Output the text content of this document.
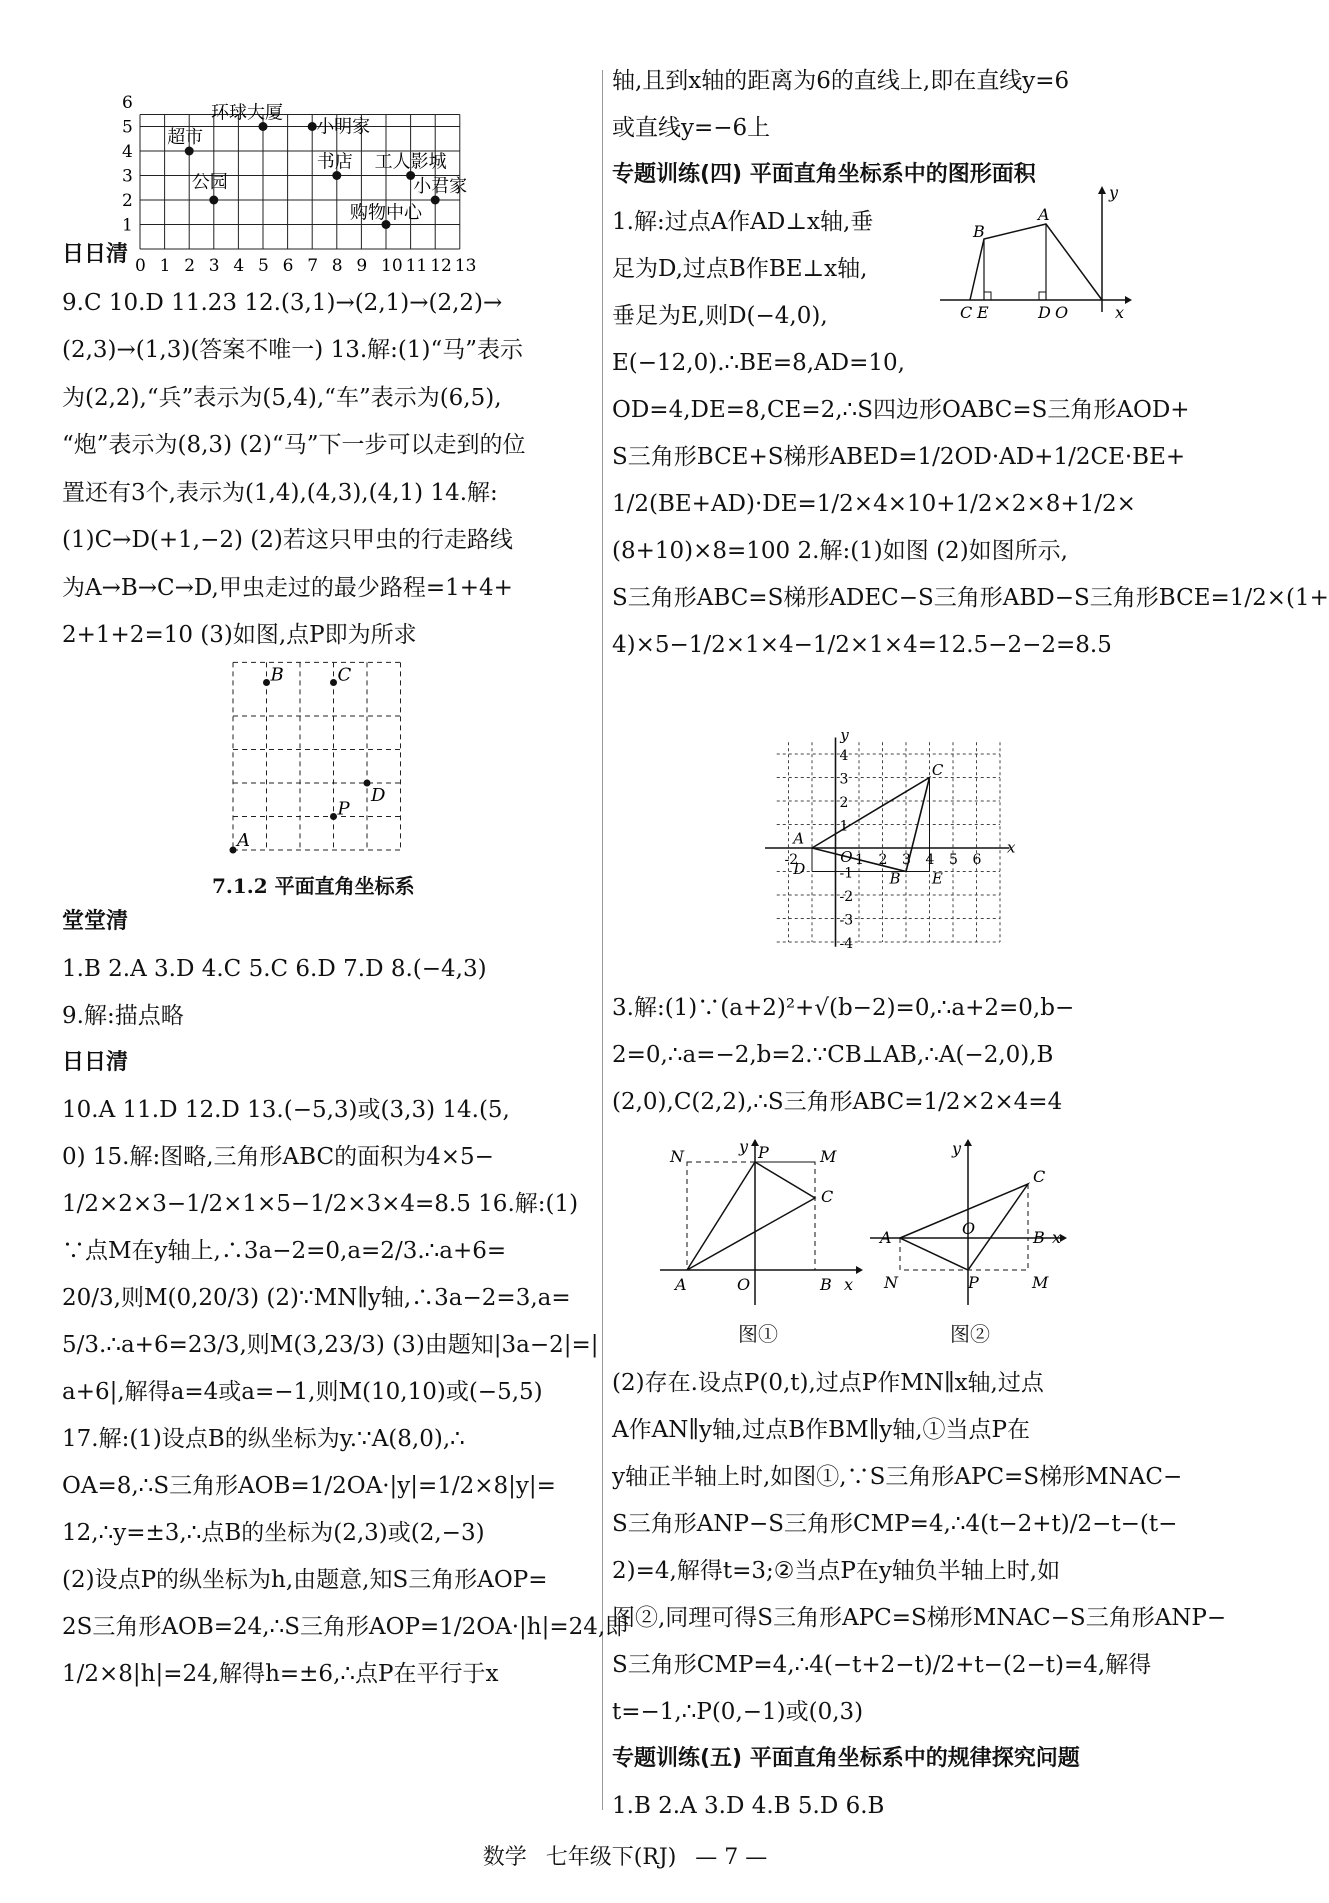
0 1 2 3 4 5 6 7 8 9 10 11 12 13
1
2
3
4
5
6	环球大厦
小明家
超市
书店 工人影城
公园	小君家
购物中心
日日清
9.C 10.D 11.23 12.(3,1)→(2,1)→(2,2)→
(2,3)→(1,3)(答案不唯一) 13.解:(1)“马”表示
为(2,2),“兵”表示为(5,4),“车”表示为(6,5),
“炮”表示为(8,3) (2)“马”下一步可以走到的位
置还有3个,表示为(1,4),(4,3),(4,1) 14.解:
(1)C→D(+1,−2) (2)若这只甲虫的行走路线
为A→B→C→D,甲虫走过的最少路程=1+4+
2+1+2=10 (3)如图,点P即为所求
堂堂清
1.B 2.A 3.D 4.C 5.C 6.D 7.D 8.(−4,3)
9.解:描点略
日日清
10.A 11.D 12.D 13.(−5,3)或(3,3) 14.(5,
0) 15.解:图略,三角形ABC的面积为4×5−
1/2×2×3−1/2×1×5−1/2×3×4=8.5 16.解:(1)
∵点M在y轴上,∴3a−2=0,a=2/3.∴a+6=
20/3,则M(0,20/3) (2)∵MN∥y轴,∴3a−2=3,a=
5/3.∴a+6=23/3,则M(3,23/3) (3)由题知|3a−2|=|
a+6|,解得a=4或a=−1,则M(10,10)或(−5,5)
17.解:(1)设点B的纵坐标为y.∵A(8,0),∴
OA=8,∴S三角形AOB=1/2OA·|y|=1/2×8|y|=
12,∴y=±3,∴点B的坐标为(2,3)或(2,−3)
(2)设点P的纵坐标为h,由题意,知S三角形AOP=
2S三角形AOB=24,∴S三角形AOP=1/2OA·|h|=24,即
1/2×8|h|=24,解得h=±6,∴点P在平行于x
轴,且到x轴的距离为6的直线上,即在直线y=6
或直线y=−6上
专题训练(四) 平面直角坐标系中的图形面积
1.解:过点A作AD⊥x轴,垂
足为D,过点B作BE⊥x轴,
垂足为E,则D(−4,0),
E(−12,0).∴BE=8,AD=10,
OD=4,DE=8,CE=2,∴S四边形OABC=S三角形AOD+
S三角形BCE+S梯形ABED=1/2OD·AD+1/2CE·BE+
1/2(BE+AD)·DE=1/2×4×10+1/2×2×8+1/2×
(8+10)×8=100 2.解:(1)如图 (2)如图所示,
S三角形ABC=S梯形ADEC−S三角形ABD−S三角形BCE=1/2×(1+
4)×5−1/2×1×4−1/2×1×4=12.5−2−2=8.5
3.解:(1)∵(a+2)²+√(b−2)=0,∴a+2=0,b−
2=0,∴a=−2,b=2.∵CB⊥AB,∴A(−2,0),B
(2,0),C(2,2),∴S三角形ABC=1/2×2×4=4
(2)存在.设点P(0,t),过点P作MN∥x轴,过点
A作AN∥y轴,过点B作BM∥y轴,①当点P在
y轴正半轴上时,如图①,∵S三角形APC=S梯形MNAC−
S三角形ANP−S三角形CMP=4,∴4(t−2+t)/2−t−(t−
2)=4,解得t=3;②当点P在y轴负半轴上时,如
图②,同理可得S三角形APC=S梯形MNAC−S三角形ANP−
S三角形CMP=4,∴4(−t+2−t)/2+t−(2−t)=4,解得
t=−1,∴P(0,−1)或(0,3)
专题训练(五) 平面直角坐标系中的规律探究问题
1.B 2.A 3.D 4.B 5.D 6.B
B	C
D
P
A
7.1.2 平面直角坐标系
B
A
C E	D O
y
x
4
3
2
1
-1
-2
-3
-4
-2	1 2 3 4 5 6
A
C
B E
D
O
x
y
N	P	M
C
A	O	B x
y
C
A	O	B x
y
N	P	M
图①	图②
数学 七年级下(RJ) — 7 —
